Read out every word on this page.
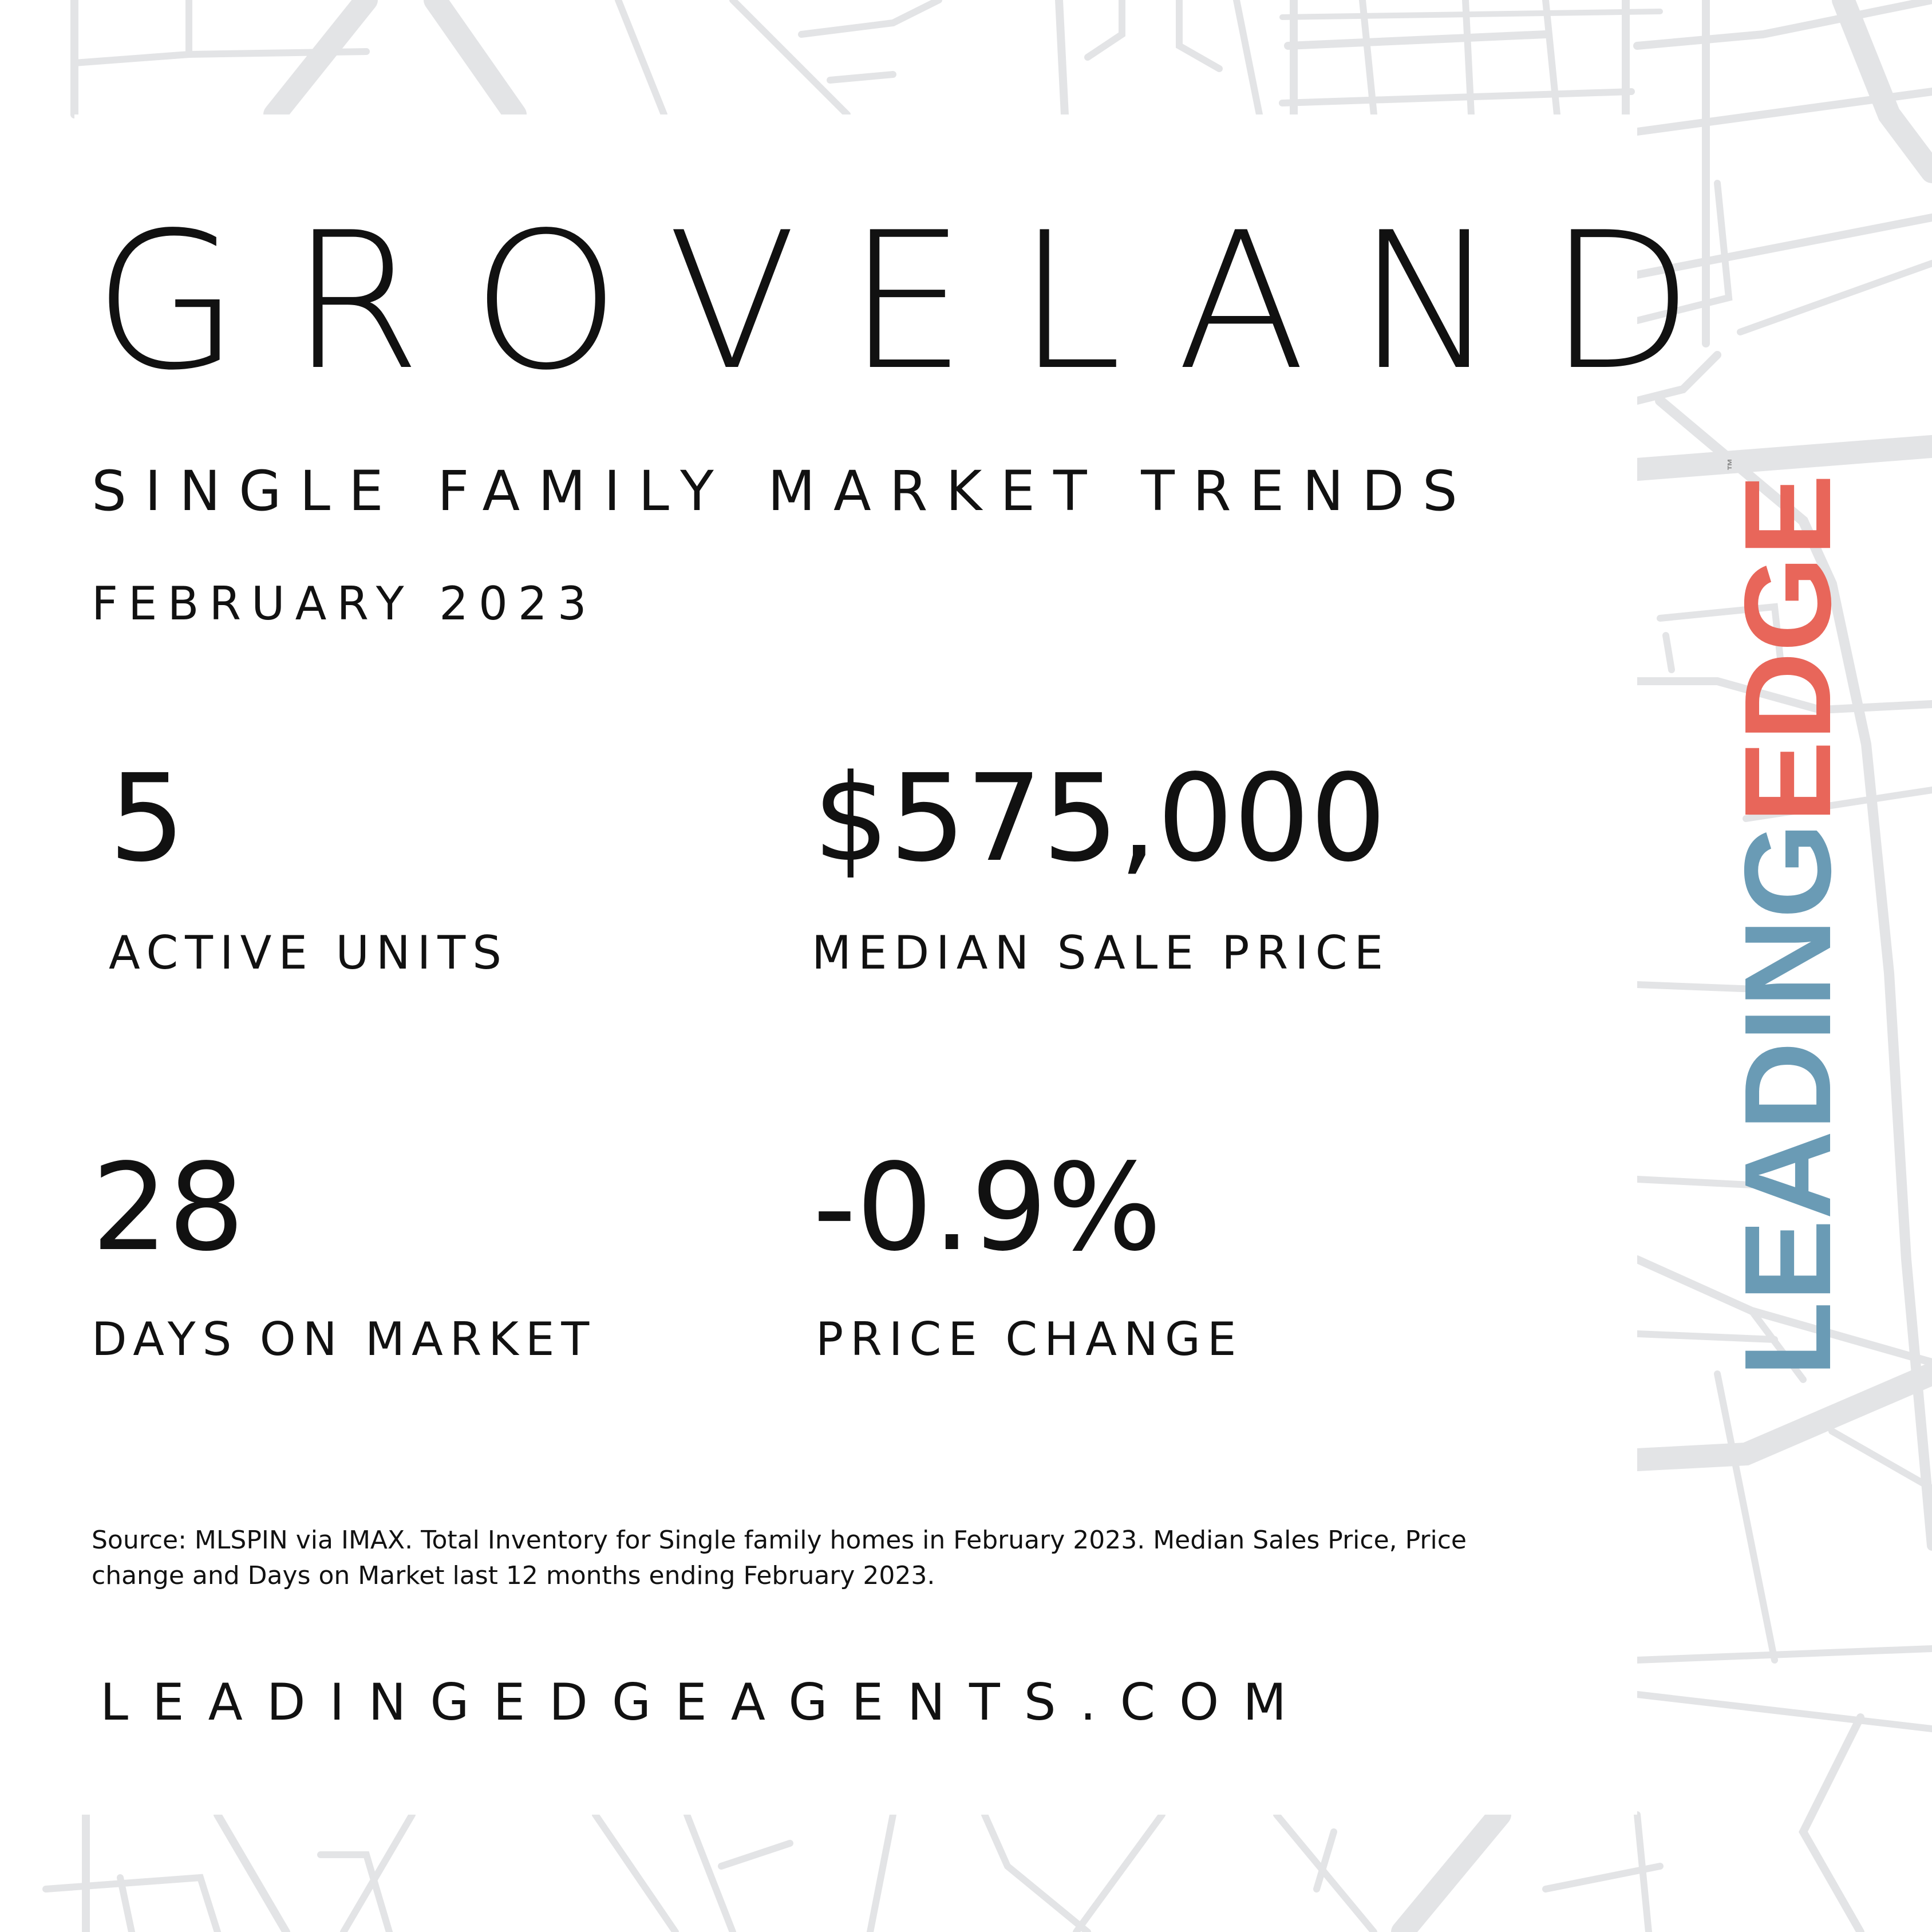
GROVELAND
SINGLE FAMILY MARKET TRENDS
FEBRUARY 2023
5
ACTIVE UNITS
$575,000
MEDIAN SALE PRICE
28
DAYS ON MARKET
-0.9%
PRICE CHANGE
Source: MLSPIN via IMAX. Total Inventory for Single family homes in February 2023. Median Sales Price, Price change and Days on Market last 12 months ending February 2023.
LEADINGEDGEAGENTS.COM
LEADINGEDGE™
